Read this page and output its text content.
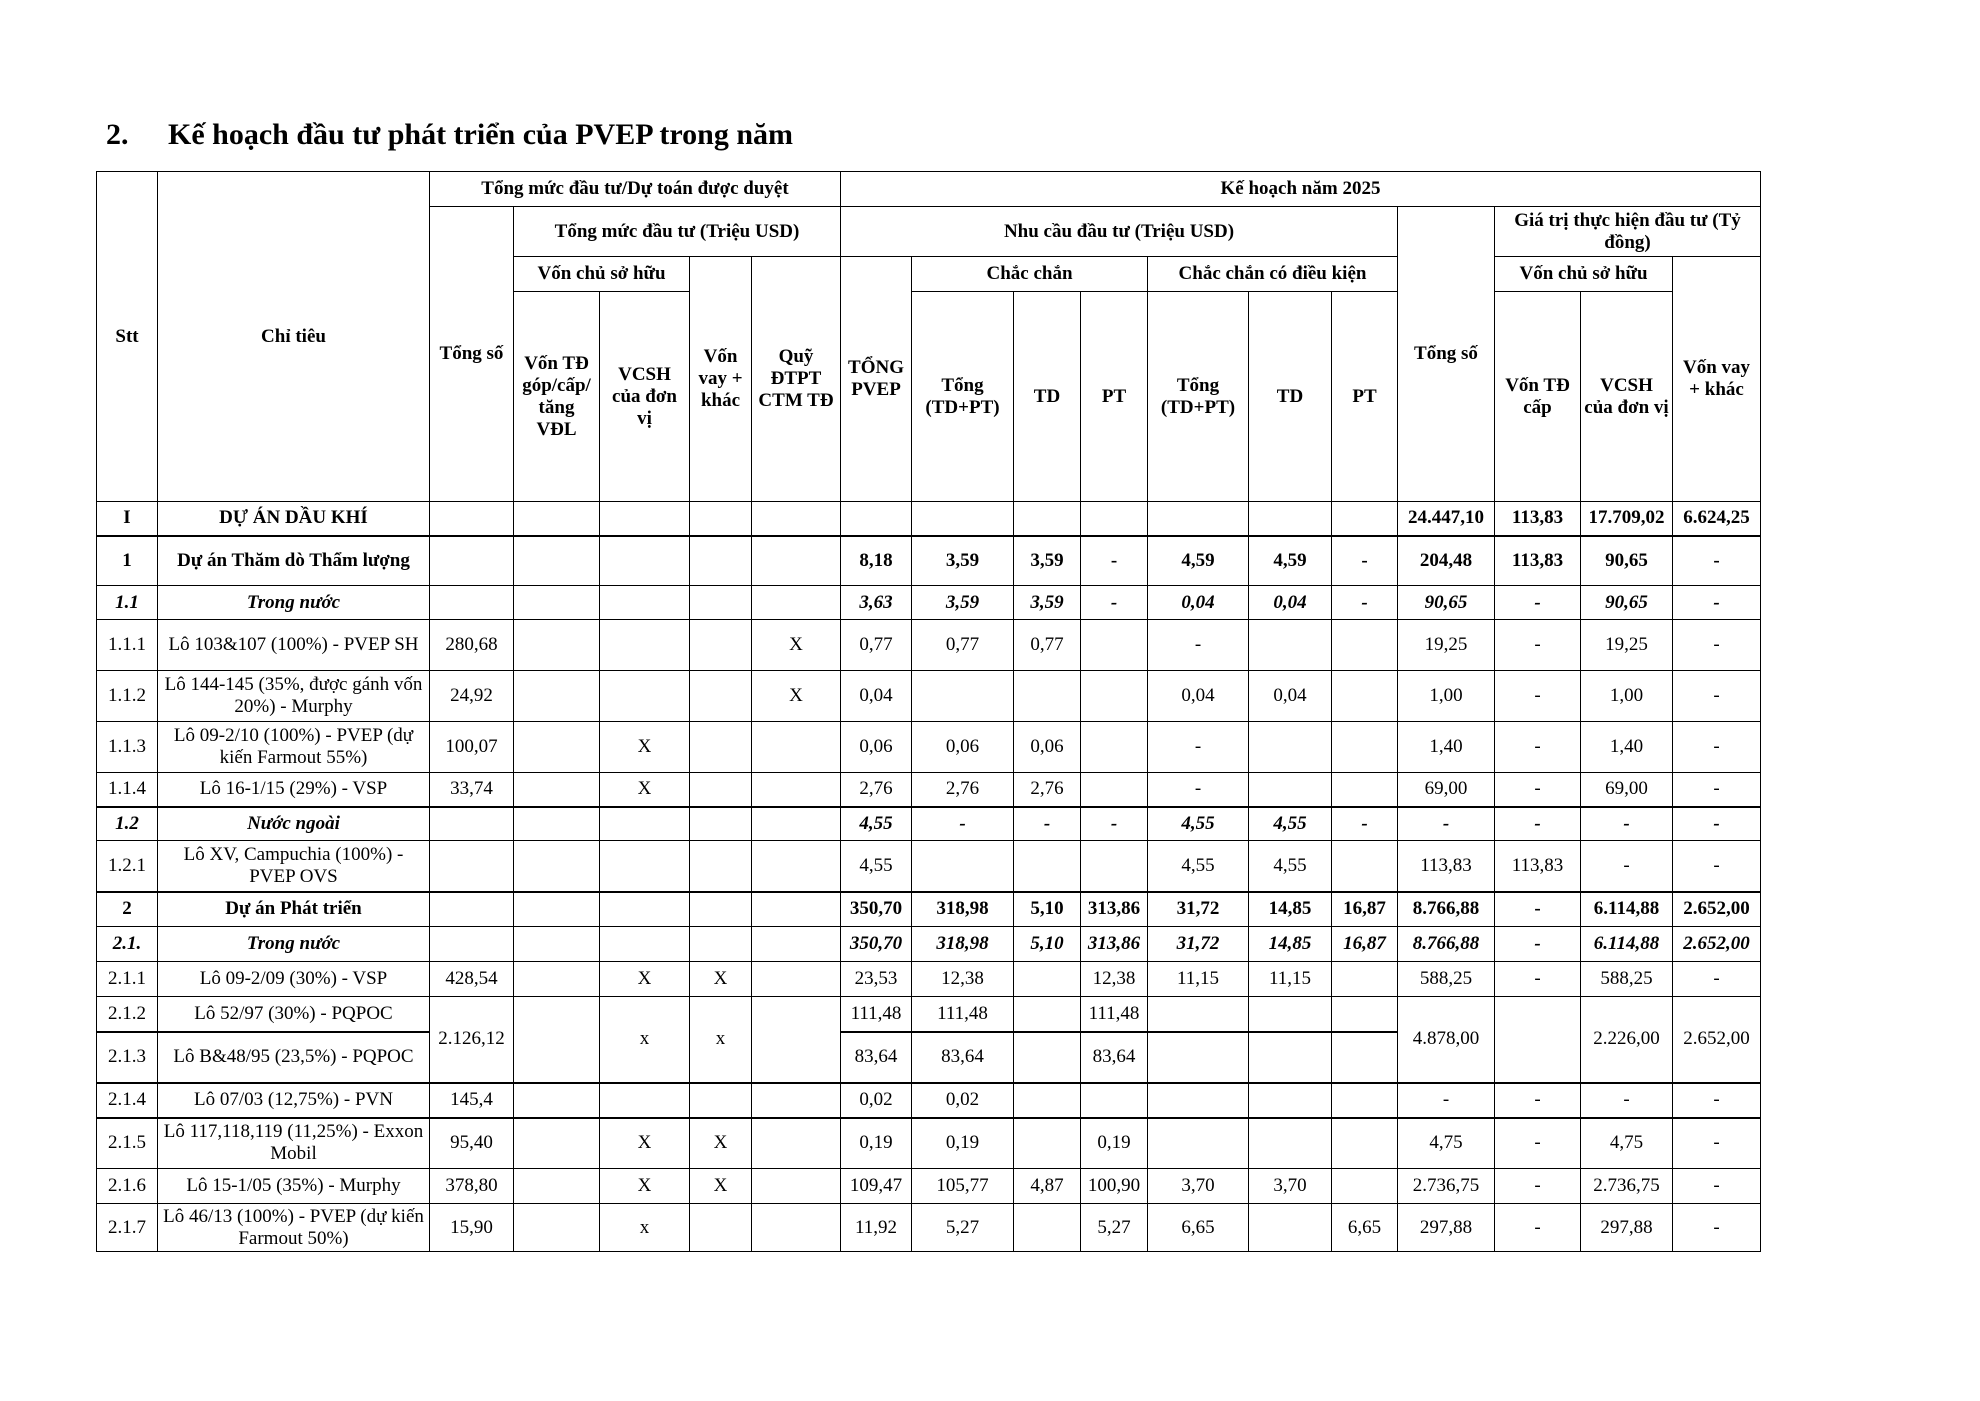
2. Kế hoạch đầu tư phát triển của PVEP trong năm
Stt	Chỉ tiêu	Tổng mức đầu tư/Dự toán được duyệt					Kế hoạch năm 2025										
		Tổng số	Tổng mức đầu tư (Triệu USD)				Nhu cầu đầu tư (Triệu USD)							Tổng số	Giá trị thực hiện đầu tư (Tỷ đồng)		
			Vốn chủ sở hữu		Vốn vay + khác	Quỹ ĐTPT CTM TĐ	TỔNG PVEP	Chắc chắn			Chắc chắn có điều kiện				Vốn chủ sở hữu		Vốn vay + khác
			Vốn TĐ góp/cấp/ tăng VĐL	VCSH của đơn vị				Tổng (TD+PT)	TD	PT	Tổng (TD+PT)	TD	PT		Vốn TĐ cấp	VCSH của đơn vị	

I	DỰ ÁN DẦU KHÍ													24.447,10	113,83	17.709,02	6.624,25
1	Dự án Thăm dò Thẩm lượng						8,18	3,59	3,59	-	4,59	4,59	-	204,48	113,83	90,65	-
1.1	Trong nước						3,63	3,59	3,59	-	0,04	0,04	-	90,65	-	90,65	-
1.1.1	Lô 103&107 (100%) - PVEP SH	280,68				X	0,77	0,77	0,77		-			19,25	-	19,25	-
1.1.2	Lô 144-145 (35%, được gánh vốn 20%) - Murphy	24,92				X	0,04				0,04	0,04		1,00	-	1,00	-
1.1.3	Lô 09-2/10 (100%) - PVEP (dự kiến Farmout 55%)	100,07		X			0,06	0,06	0,06		-			1,40	-	1,40	-
1.1.4	Lô 16-1/15 (29%) - VSP	33,74		X			2,76	2,76	2,76		-			69,00	-	69,00	-
1.2	Nước ngoài						4,55	-	-	-	4,55	4,55	-	-	-	-	-
1.2.1	Lô XV, Campuchia (100%) - PVEP OVS						4,55				4,55	4,55		113,83	113,83	-	-
2	Dự án Phát triển						350,70	318,98	5,10	313,86	31,72	14,85	16,87	8.766,88	-	6.114,88	2.652,00
2.1.	Trong nước						350,70	318,98	5,10	313,86	31,72	14,85	16,87	8.766,88	-	6.114,88	2.652,00
2.1.1	Lô 09-2/09 (30%) - VSP	428,54		X	X		23,53	12,38		12,38	11,15	11,15		588,25	-	588,25	-
2.1.2	Lô 52/97 (30%) - PQPOC	2.126,12		x	x		111,48	111,48		111,48				4.878,00		2.226,00	2.652,00
2.1.3	Lô B&48/95 (23,5%) - PQPOC						83,64	83,64		83,64							
2.1.4	Lô 07/03 (12,75%) - PVN	145,4					0,02	0,02						-	-	-	-
2.1.5	Lô 117,118,119 (11,25%) - Exxon Mobil	95,40		X	X		0,19	0,19		0,19				4,75	-	4,75	-
2.1.6	Lô 15-1/05 (35%) - Murphy	378,80		X	X		109,47	105,77	4,87	100,90	3,70	3,70		2.736,75	-	2.736,75	-
2.1.7	Lô 46/13 (100%) - PVEP (dự kiến Farmout 50%)	15,90		x			11,92	5,27		5,27	6,65		6,65	297,88	-	297,88	-
